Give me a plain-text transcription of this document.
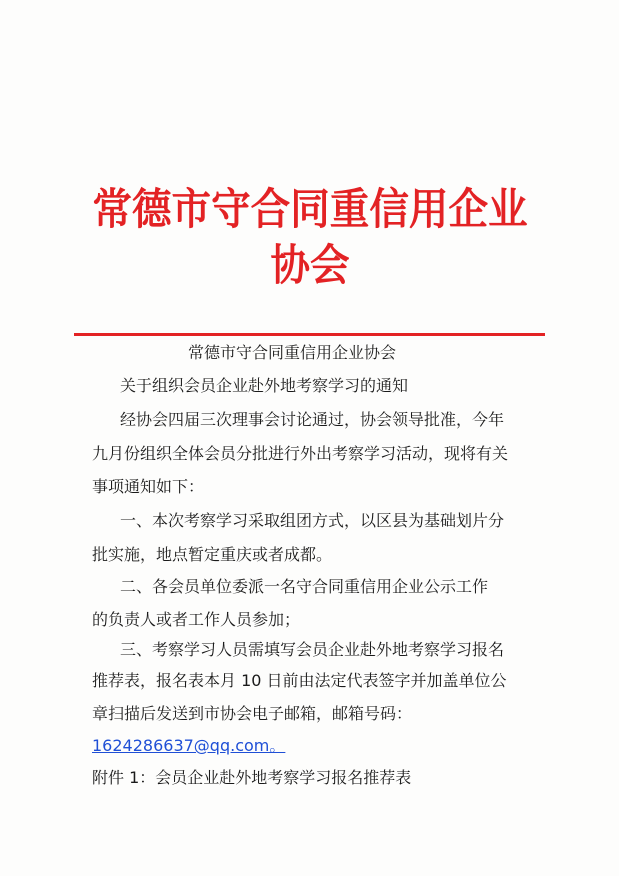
常德市守合同重信用企业协会
常德市守合同重信用企业协会
关于组织会员企业赴外地考察学习的通知
经协会四届三次理事会讨论通过，协会领导批准，今年
九月份组织全体会员分批进行外出考察学习活动，现将有关
事项通知如下：
一、本次考察学习采取组团方式，以区县为基础划片分
批实施，地点暂定重庆或者成都。
二、各会员单位委派一名守合同重信用企业公示工作
的负责人或者工作人员参加；
三、考察学习人员需填写会员企业赴外地考察学习报名
推荐表，报名表本月 10 日前由法定代表签字并加盖单位公
章扫描后发送到市协会电子邮箱，邮箱号码：
1624286637@qq.com。
附件 1：会员企业赴外地考察学习报名推荐表
